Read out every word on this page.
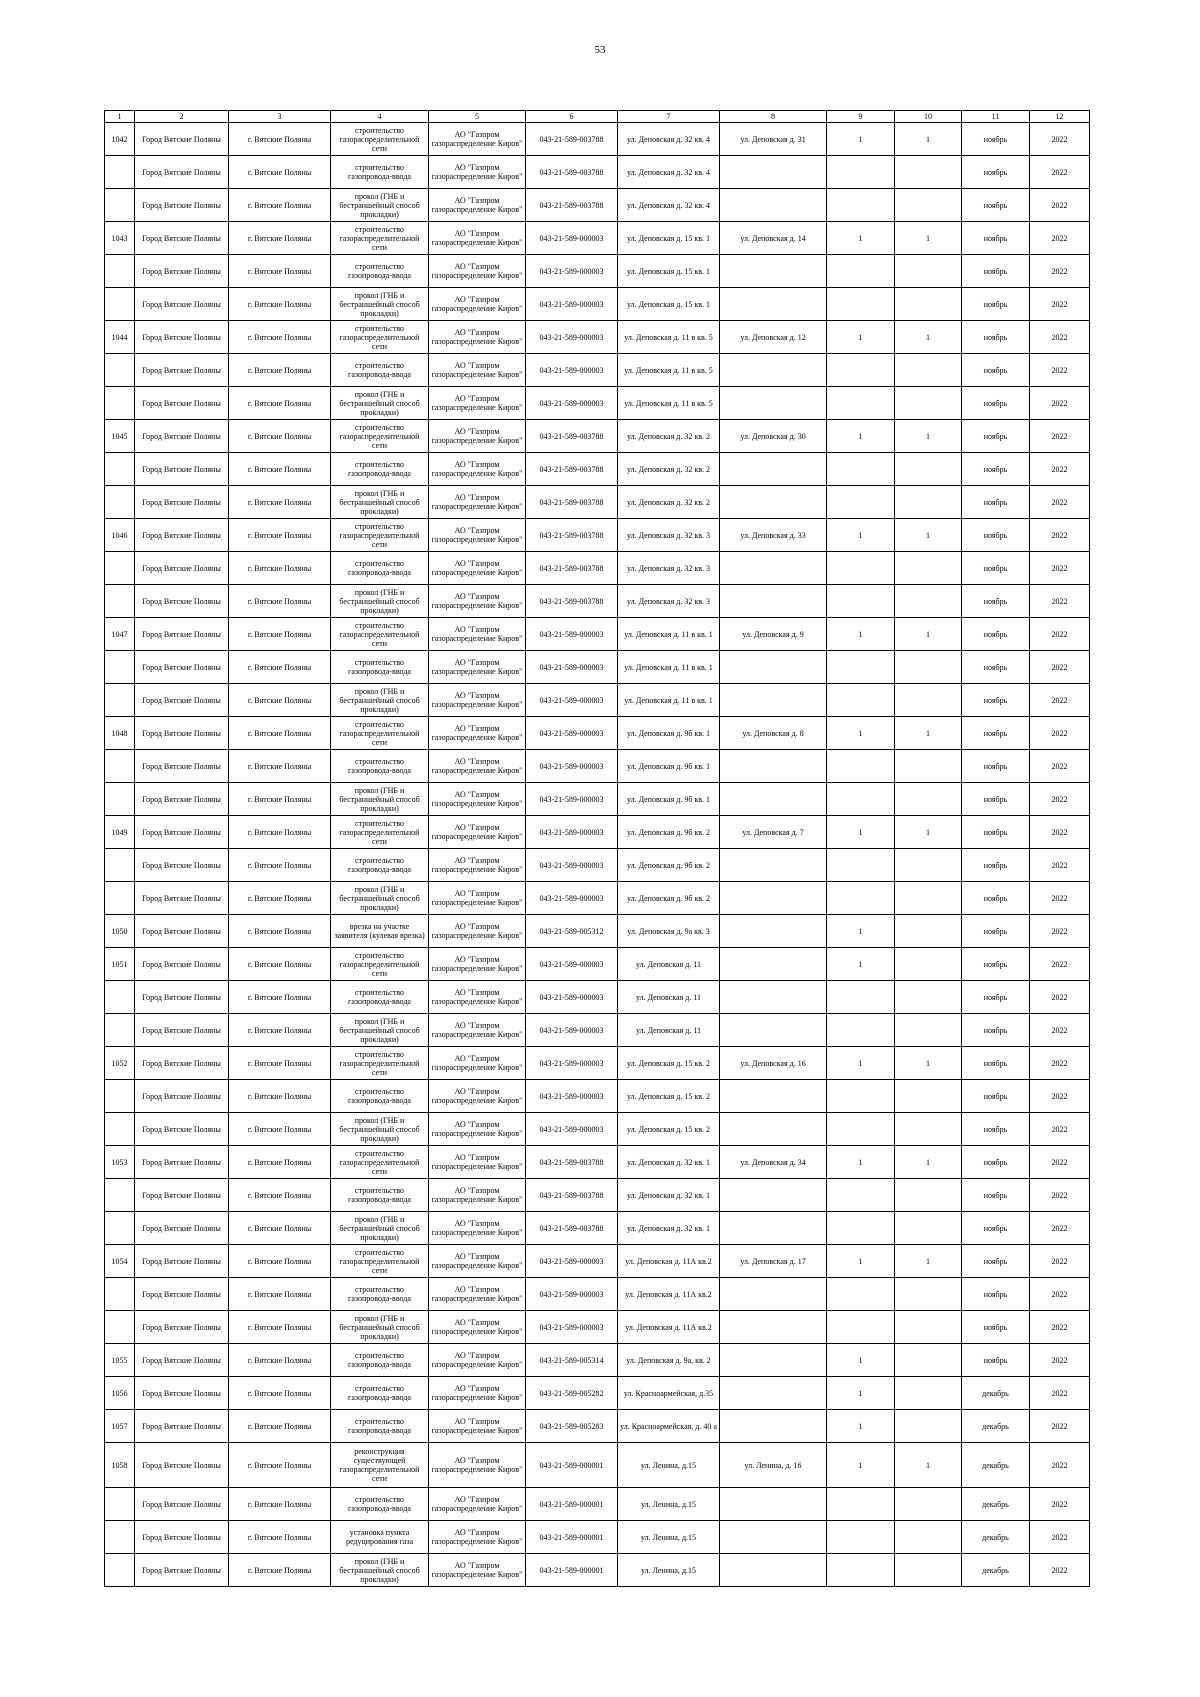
53
1	2	3	4	5	6	7	8	9	10	11	12
1042	Город Вятские Поляны	г. Вятские Поляны	строительство газораспределительной сети	АО "Газпром газораспределение Киров"	043-21-589-003788	ул. Деповская д. 32 кв. 4	ул. Деповская д. 31	1	1	ноябрь	2022
	Город Вятские Поляны	г. Вятские Поляны	строительство газопровода-ввода	АО "Газпром газораспределение Киров"	043-21-589-003788	ул. Деповская д. 32 кв. 4				ноябрь	2022
	Город Вятские Поляны	г. Вятские Поляны	прокол (ГНБ и бестраншейный способ прокладки)	АО "Газпром газораспределение Киров"	043-21-589-003788	ул. Деповская д. 32 кв. 4				ноябрь	2022
1043	Город Вятские Поляны	г. Вятские Поляны	строительство газораспределительной сети	АО "Газпром газораспределение Киров"	043-21-589-000003	ул. Деповская д. 15 кв. 1	ул. Деповская д. 14	1	1	ноябрь	2022
	Город Вятские Поляны	г. Вятские Поляны	строительство газопровода-ввода	АО "Газпром газораспределение Киров"	043-21-589-000003	ул. Деповская д. 15 кв. 1				ноябрь	2022
	Город Вятские Поляны	г. Вятские Поляны	прокол (ГНБ и бестраншейный способ прокладки)	АО "Газпром газораспределение Киров"	043-21-589-000003	ул. Деповская д. 15 кв. 1				ноябрь	2022
1044	Город Вятские Поляны	г. Вятские Поляны	строительство газораспределительной сети	АО "Газпром газораспределение Киров"	043-21-589-000003	ул. Деповская д. 11 в кв. 5	ул. Деповская д. 12	1	1	ноябрь	2022
	Город Вятские Поляны	г. Вятские Поляны	строительство газопровода-ввода	АО "Газпром газораспределение Киров"	043-21-589-000003	ул. Деповская д. 11 в кв. 5				ноябрь	2022
	Город Вятские Поляны	г. Вятские Поляны	прокол (ГНБ и бестраншейный способ прокладки)	АО "Газпром газораспределение Киров"	043-21-589-000003	ул. Деповская д. 11 в кв. 5				ноябрь	2022
1045	Город Вятские Поляны	г. Вятские Поляны	строительство газораспределительной сети	АО "Газпром газораспределение Киров"	043-21-589-003788	ул. Деповская д. 32 кв. 2	ул. Деповская д. 30	1	1	ноябрь	2022
	Город Вятские Поляны	г. Вятские Поляны	строительство газопровода-ввода	АО "Газпром газораспределение Киров"	043-21-589-003788	ул. Деповская д. 32 кв. 2				ноябрь	2022
	Город Вятские Поляны	г. Вятские Поляны	прокол (ГНБ и бестраншейный способ прокладки)	АО "Газпром газораспределение Киров"	043-21-589-003788	ул. Деповская д. 32 кв. 2				ноябрь	2022
1046	Город Вятские Поляны	г. Вятские Поляны	строительство газораспределительной сети	АО "Газпром газораспределение Киров"	043-21-589-003788	ул. Деповская д. 32 кв. 3	ул. Деповская д. 33	1	1	ноябрь	2022
	Город Вятские Поляны	г. Вятские Поляны	строительство газопровода-ввода	АО "Газпром газораспределение Киров"	043-21-589-003788	ул. Деповская д. 32 кв. 3				ноябрь	2022
	Город Вятские Поляны	г. Вятские Поляны	прокол (ГНБ и бестраншейный способ прокладки)	АО "Газпром газораспределение Киров"	043-21-589-003788	ул. Деповская д. 32 кв. 3				ноябрь	2022
1047	Город Вятские Поляны	г. Вятские Поляны	строительство газораспределительной сети	АО "Газпром газораспределение Киров"	043-21-589-000003	ул. Деповская д. 11 в кв. 1	ул. Деповская д. 9	1	1	ноябрь	2022
	Город Вятские Поляны	г. Вятские Поляны	строительство газопровода-ввода	АО "Газпром газораспределение Киров"	043-21-589-000003	ул. Деповская д. 11 в кв. 1				ноябрь	2022
	Город Вятские Поляны	г. Вятские Поляны	прокол (ГНБ и бестраншейный способ прокладки)	АО "Газпром газораспределение Киров"	043-21-589-000003	ул. Деповская д. 11 в кв. 1				ноябрь	2022
1048	Город Вятские Поляны	г. Вятские Поляны	строительство газораспределительной сети	АО "Газпром газораспределение Киров"	043-21-589-000003	ул. Деповская д. 9б кв. 1	ул. Деповская д. 8	1	1	ноябрь	2022
	Город Вятские Поляны	г. Вятские Поляны	строительство газопровода-ввода	АО "Газпром газораспределение Киров"	043-21-589-000003	ул. Деповская д. 9б кв. 1				ноябрь	2022
	Город Вятские Поляны	г. Вятские Поляны	прокол (ГНБ и бестраншейный способ прокладки)	АО "Газпром газораспределение Киров"	043-21-589-000003	ул. Деповская д. 9б кв. 1				ноябрь	2022
1049	Город Вятские Поляны	г. Вятские Поляны	строительство газораспределительной сети	АО "Газпром газораспределение Киров"	043-21-589-000003	ул. Деповская д. 9б кв. 2	ул. Деповская д. 7	1	1	ноябрь	2022
	Город Вятские Поляны	г. Вятские Поляны	строительство газопровода-ввода	АО "Газпром газораспределение Киров"	043-21-589-000003	ул. Деповская д. 9б кв. 2				ноябрь	2022
	Город Вятские Поляны	г. Вятские Поляны	прокол (ГНБ и бестраншейный способ прокладки)	АО "Газпром газораспределение Киров"	043-21-589-000003	ул. Деповская д. 9б кв. 2				ноябрь	2022
1050	Город Вятские Поляны	г. Вятские Поляны	врезка на участке заявителя (кулевая врезка)	АО "Газпром газораспределение Киров"	043-21-589-005312	ул. Деповская д. 9а кв. 3		1		ноябрь	2022
1051	Город Вятские Поляны	г. Вятские Поляны	строительство газораспределительной сети	АО "Газпром газораспределение Киров"	043-21-589-000003	ул. Деповская д. 11		1		ноябрь	2022
	Город Вятские Поляны	г. Вятские Поляны	строительство газопровода-ввода	АО "Газпром газораспределение Киров"	043-21-589-000003	ул. Деповская д. 11				ноябрь	2022
	Город Вятские Поляны	г. Вятские Поляны	прокол (ГНБ и бестраншейный способ прокладки)	АО "Газпром газораспределение Киров"	043-21-589-000003	ул. Деповская д. 11				ноябрь	2022
1052	Город Вятские Поляны	г. Вятские Поляны	строительство газораспределительной сети	АО "Газпром газораспределение Киров"	043-21-589-000003	ул. Деповская д. 15 кв. 2	ул. Деповская д. 16	1	1	ноябрь	2022
	Город Вятские Поляны	г. Вятские Поляны	строительство газопровода-ввода	АО "Газпром газораспределение Киров"	043-21-589-000003	ул. Деповская д. 15 кв. 2				ноябрь	2022
	Город Вятские Поляны	г. Вятские Поляны	прокол (ГНБ и бестраншейный способ прокладки)	АО "Газпром газораспределение Киров"	043-21-589-000003	ул. Деповская д. 15 кв. 2				ноябрь	2022
1053	Город Вятские Поляны	г. Вятские Поляны	строительство газораспределительной сети	АО "Газпром газораспределение Киров"	043-21-589-003788	ул. Деповская д. 32 кв. 1	ул. Деповская д. 34	1	1	ноябрь	2022
	Город Вятские Поляны	г. Вятские Поляны	строительство газопровода-ввода	АО "Газпром газораспределение Киров"	043-21-589-003788	ул. Деповская д. 32 кв. 1				ноябрь	2022
	Город Вятские Поляны	г. Вятские Поляны	прокол (ГНБ и бестраншейный способ прокладки)	АО "Газпром газораспределение Киров"	043-21-589-003788	ул. Деповская д. 32 кв. 1				ноябрь	2022
1054	Город Вятские Поляны	г. Вятские Поляны	строительство газораспределительной сети	АО "Газпром газораспределение Киров"	043-21-589-000003	ул. Деповская д. 11А кв.2	ул. Деповская д. 17	1	1	ноябрь	2022
	Город Вятские Поляны	г. Вятские Поляны	строительство газопровода-ввода	АО "Газпром газораспределение Киров"	043-21-589-000003	ул. Деповская д. 11А кв.2				ноябрь	2022
	Город Вятские Поляны	г. Вятские Поляны	прокол (ГНБ и бестраншейный способ прокладки)	АО "Газпром газораспределение Киров"	043-21-589-000003	ул. Деповская д. 11А кв.2				ноябрь	2022
1055	Город Вятские Поляны	г. Вятские Поляны	строительство газопровода-ввода	АО "Газпром газораспределение Киров"	043-21-589-005314	ул. Деповская д. 9а, кв. 2		1		ноябрь	2022
1056	Город Вятские Поляны	г. Вятские Поляны	строительство газопровода-ввода	АО "Газпром газораспределение Киров"	043-21-589-005282	ул. Красноармейская, д.35		1		декабрь	2022
1057	Город Вятские Поляны	г. Вятские Поляны	строительство газопровода-ввода	АО "Газпром газораспределение Киров"	043-21-589-005283	ул. Красноармейская, д. 40 а		1		декабрь	2022
1058	Город Вятские Поляны	г. Вятские Поляны	реконструкция существующей газораспределительной сети	АО "Газпром газораспределение Киров"	043-21-589-000001	ул. Ленина, д.15	ул. Ленина, д. 16	1	1	декабрь	2022
	Город Вятские Поляны	г. Вятские Поляны	строительство газопровода-ввода	АО "Газпром газораспределение Киров"	043-21-589-000001	ул. Ленина, д.15				декабрь	2022
	Город Вятские Поляны	г. Вятские Поляны	установка пункта редуцирования газа	АО "Газпром газораспределение Киров"	043-21-589-000001	ул. Ленина, д.15				декабрь	2022
	Город Вятские Поляны	г. Вятские Поляны	прокол (ГНБ и бестраншейный способ прокладки)	АО "Газпром газораспределение Киров"	043-21-589-000001	ул. Ленина, д.15				декабрь	2022
